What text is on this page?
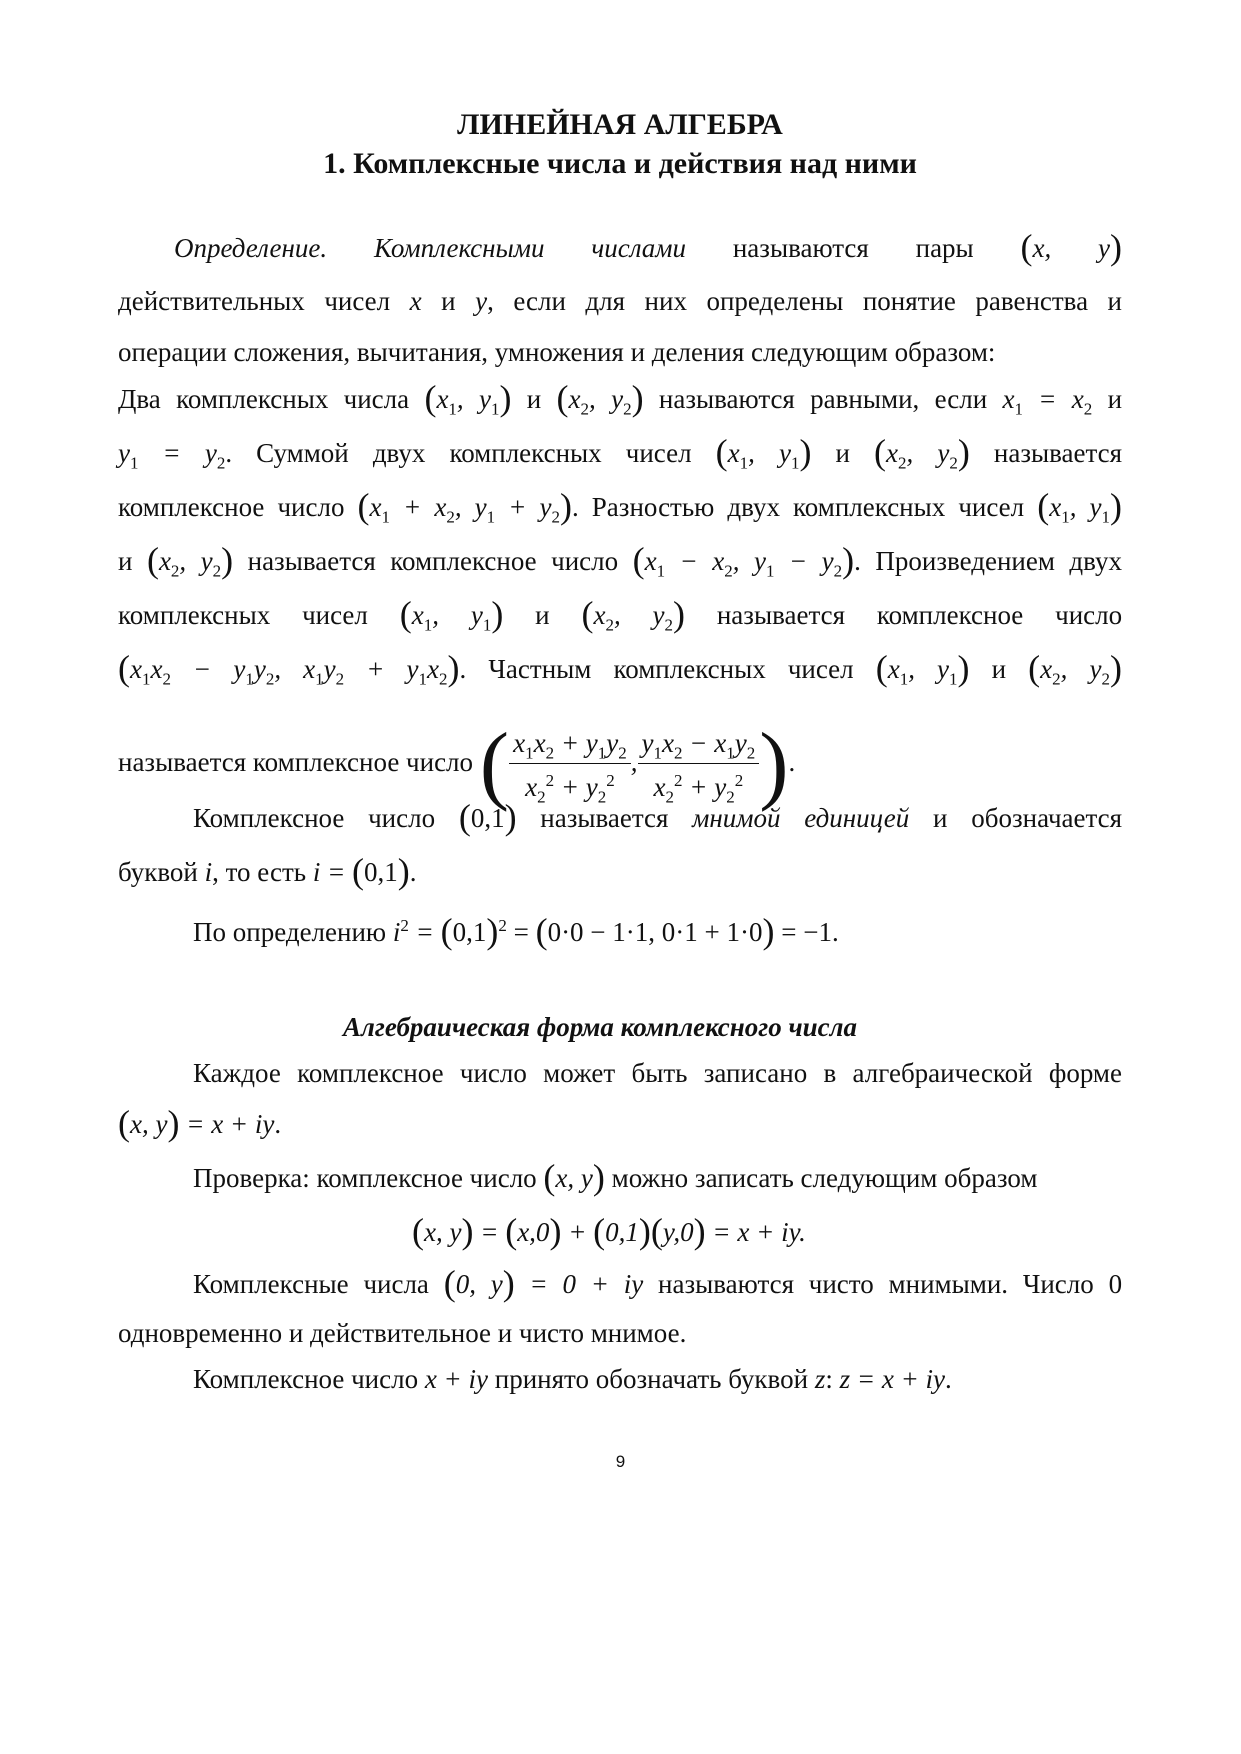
ЛИНЕЙНАЯ АЛГЕБРА
1. Комплексные числа и действия над ними
Определение. Комплексными числами называются пары (x, y)
действительных чисел x и y, если для них определены понятие равенства и
операции сложения, вычитания, умножения и деления следующим образом:
Два комплексных числа ($x_1$, $y_1$) и ($x_2$, $y_2$) называются равными, если $x_1 = x_2$ и
$y_1 = y_2$. Суммой двух комплексных чисел ($x_1$, $y_1$) и ($x_2$, $y_2$) называется
комплексное число ($x_1 + x_2$, $y_1 + y_2$). Разностью двух комплексных чисел ($x_1$, $y_1$)
и ($x_2$, $y_2$) называется комплексное число ($x_1 - x_2$, $y_1 - y_2$). Произведением двух
комплексных чисел ($x_1$, $y_1$) и ($x_2$, $y_2$) называется комплексное число
($x_1x_2 - y_1y_2$, $x_1y_2 + y_1x_2$). Частным комплексных чисел ($x_1$, $y_1$) и ($x_2$, $y_2$)
называется комплексное число ( $\frac{x_1x_2 + y_1y_2}{x_2^2 + y_2^2}$ , $\frac{y_1x_2 - x_1y_2}{x_2^2 + y_2^2}$ ).
Комплексное число (0,1) называется мнимой единицей и обозначается
буквой i, то есть i = (0,1).
По определению $i^2 = (0,1)^2 = (0\cdot 0 - 1\cdot 1$, 0·1 + 1·0) = −1.
Алгебраическая форма комплексного числа
Каждое комплексное число может быть записано в алгебраической форме
(x, y) = x + iy.
Проверка: комплексное число (x, y) можно записать следующим образом
(x, y) = (x,0) + (0,1)(y,0) = x + iy.
Комплексные числа (0, y) = 0 + iy называются чисто мнимыми. Число 0
одновременно и действительное и чисто мнимое.
Комплексное число x + iy принято обозначать буквой z: z = x + iy.
9
